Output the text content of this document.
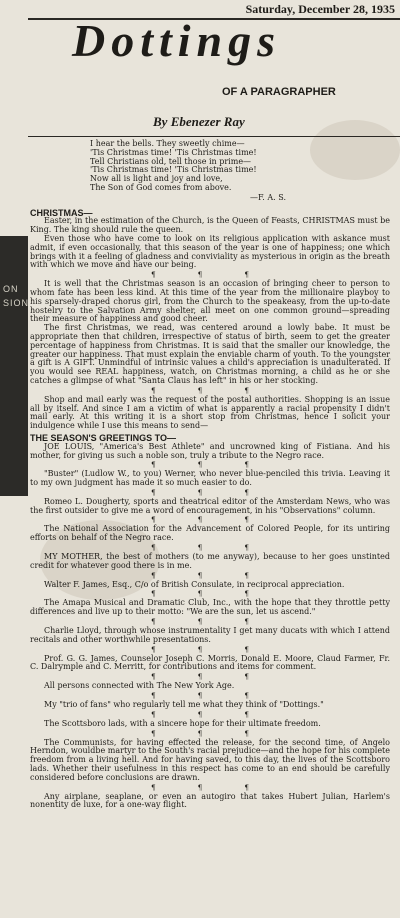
Saturday, December 28, 1935
Dottings
OF A PARAGRAPHER
By Ebenezer Ray
ON
SION

I hear the bells. They sweetly chime—

'Tis Christmas time! 'Tis Christmas time!

Tell Christians old, tell those in prime—

'Tis Christmas time! 'Tis Christmas time!

Now all is light and joy and love,

The Son of God comes from above.

—F. A. S.

CHRISTMAS—

Easter, in the estimation of the Church, is the Queen of Feasts, CHRISTMAS must be King. The king should rule the queen.

Even those who have come to look on its religious application with askance must admit, if even occasionally, that this season of the year is one of happiness; one which brings with it a feeling of gladness and conviviality as mysterious in origin as the breath with which we move and have our being.

¶ ¶ ¶

It is well that the Christmas season is an occasion of bringing cheer to person to whom fate has been less kind. At this time of the year from the millionaire playboy to his sparsely-draped chorus girl, from the Church to the speakeasy, from the up-to-date hostelry to the Salvation Army shelter, all meet on one common ground—spreading their measure of happiness and good cheer.

The first Christmas, we read, was centered around a lowly babe. It must be appropriate then that children, irrespective of status of birth, seem to get the greater percentage of happiness from Christmas. It is said that the smaller our knowledge, the greater our happiness. That must explain the enviable charm of youth. To the youngster a gift is A GIFT. Unmindful of intrinsic values a child's appreciation is unadulterated. If you would see REAL happiness, watch, on Christmas morning, a child as he or she catches a glimpse of what "Santa Claus has left" in his or her stocking.

¶ ¶ ¶

Shop and mail early was the request of the postal authorities. Shopping is an issue all by itself. And since I am a victim of what is apparently a racial propensity I didn't mail early. At this writing it is a short stop from Christmas, hence I solicit your indulgence while I use this means to send—

THE SEASON'S GREETINGS TO—

JOE LOUIS, "America's Best Athlete" and uncrowned king of Fistiana. And his mother, for giving us such a noble son, truly a tribute to the Negro race.

¶ ¶ ¶

"Buster" (Ludlow W., to you) Werner, who never blue-penciled this trivia. Leaving it to my own judgment has made it so much easier to do.

¶ ¶ ¶

Romeo L. Dougherty, sports and theatrical editor of the Amsterdam News, who was the first outsider to give me a word of encouragement, in his "Observations" column.

¶ ¶ ¶

The National Association for the Advancement of Colored People, for its untiring efforts on behalf of the Negro race.

¶ ¶ ¶

MY MOTHER, the best of mothers (to me anyway), because to her goes unstinted credit for whatever good there is in me.

¶ ¶ ¶

Walter F. James, Esq., C/o of British Consulate, in reciprocal appreciation.

¶ ¶ ¶

The Amapa Musical and Dramatic Club, Inc., with the hope that they throttle petty differences and live up to their motto: "We are the sun, let us ascend."

¶ ¶ ¶

Charlie Lloyd, through whose instrumentality I get many ducats with which I attend recitals and other worthwhile presentations.

¶ ¶ ¶

Prof. G. G. James, Counselor Joseph C. Morris, Donald E. Moore, Claud Farmer, Fr. C. Dalrymple and C. Merritt, for contributions and items for comment.

¶ ¶ ¶

All persons connected with The New York Age.

¶ ¶ ¶

My "trio of fans" who regularly tell me what they think of "Dottings."

¶ ¶ ¶

The Scottsboro lads, with a sincere hope for their ultimate freedom.

¶ ¶ ¶

The Communists, for having effected the release, for the second time, of Angelo Herndon, wouldbe martyr to the South's racial prejudice—and the hope for his complete freedom from a living hell. And for having saved, to this day, the lives of the Scottsboro lads. Whether their usefulness in this respect has come to an end should be carefully considered before conclusions are drawn.

¶ ¶ ¶

Any airplane, seaplane, or even an autogiro that takes Hubert Julian, Harlem's nonentity de luxe, for a one-way flight.
